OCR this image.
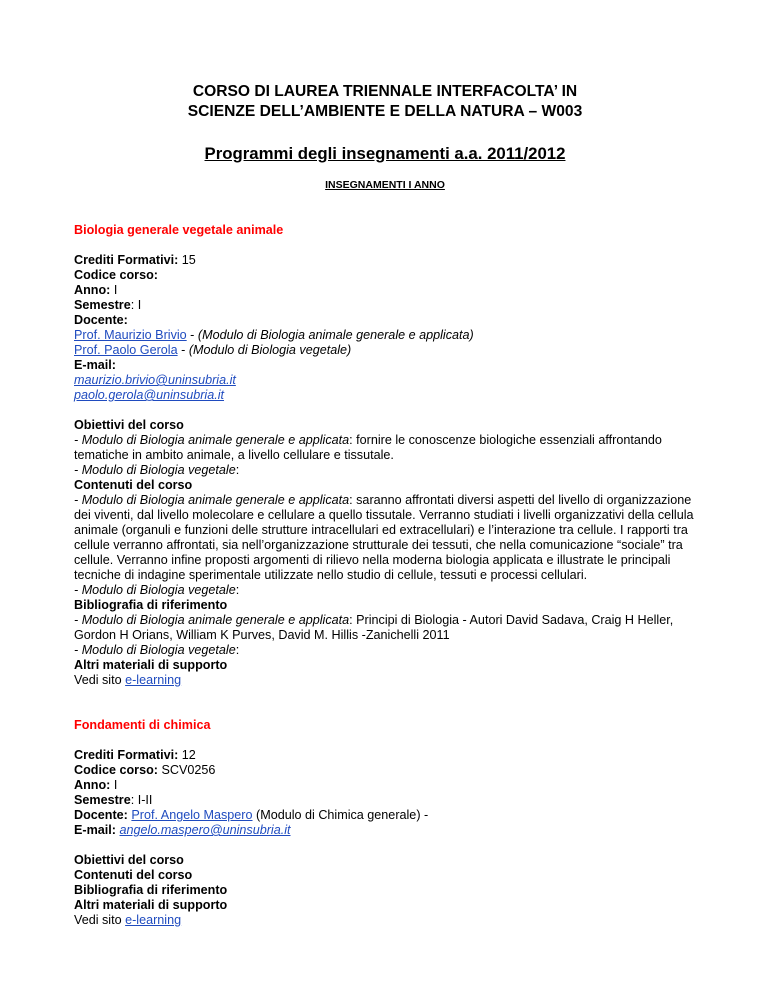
CORSO DI LAUREA TRIENNALE INTERFACOLTA’ IN
SCIENZE DELL’AMBIENTE E DELLA NATURA – W003
Programmi degli insegnamenti a.a. 2011/2012
INSEGNAMENTI I ANNO
Biologia generale vegetale animale
Crediti Formativi: 15
Codice corso:
Anno: I
Semestre: I
Docente:
Prof. Maurizio Brivio - (Modulo di Biologia animale generale e applicata)
Prof. Paolo Gerola - (Modulo di Biologia vegetale)
E-mail:
maurizio.brivio@uninsubria.it
paolo.gerola@uninsubria.it
Obiettivi del corso
- Modulo di Biologia animale generale e applicata: fornire le conoscenze biologiche essenziali affrontando tematiche in ambito animale, a livello cellulare e tissutale.
- Modulo di Biologia vegetale:
Contenuti del corso
- Modulo di Biologia animale generale e applicata: saranno affrontati diversi aspetti del livello di organizzazione dei viventi, dal livello molecolare e cellulare a quello tissutale. Verranno studiati i livelli organizzativi della cellula animale (organuli e funzioni delle strutture intracellulari ed extracellulari) e l’interazione tra cellule. I rapporti tra cellule verranno affrontati, sia nell’organizzazione strutturale dei tessuti, che nella comunicazione “sociale” tra cellule. Verranno infine proposti argomenti di rilievo nella moderna biologia applicata e illustrate le principali tecniche di indagine sperimentale utilizzate nello studio di cellule, tessuti e processi cellulari.
- Modulo di Biologia vegetale:
Bibliografia di riferimento
- Modulo di Biologia animale generale e applicata: Principi di Biologia - Autori David Sadava, Craig H Heller, Gordon H Orians, William K Purves, David M. Hillis -Zanichelli 2011
- Modulo di Biologia vegetale:
Altri materiali di supporto
Vedi sito e-learning
Fondamenti di chimica
Crediti Formativi: 12
Codice corso: SCV0256
Anno: I
Semestre: I-II
Docente: Prof. Angelo Maspero (Modulo di Chimica generale) -
E-mail: angelo.maspero@uninsubria.it
Obiettivi del corso
Contenuti del corso
Bibliografia di riferimento
Altri materiali di supporto
Vedi sito e-learning
